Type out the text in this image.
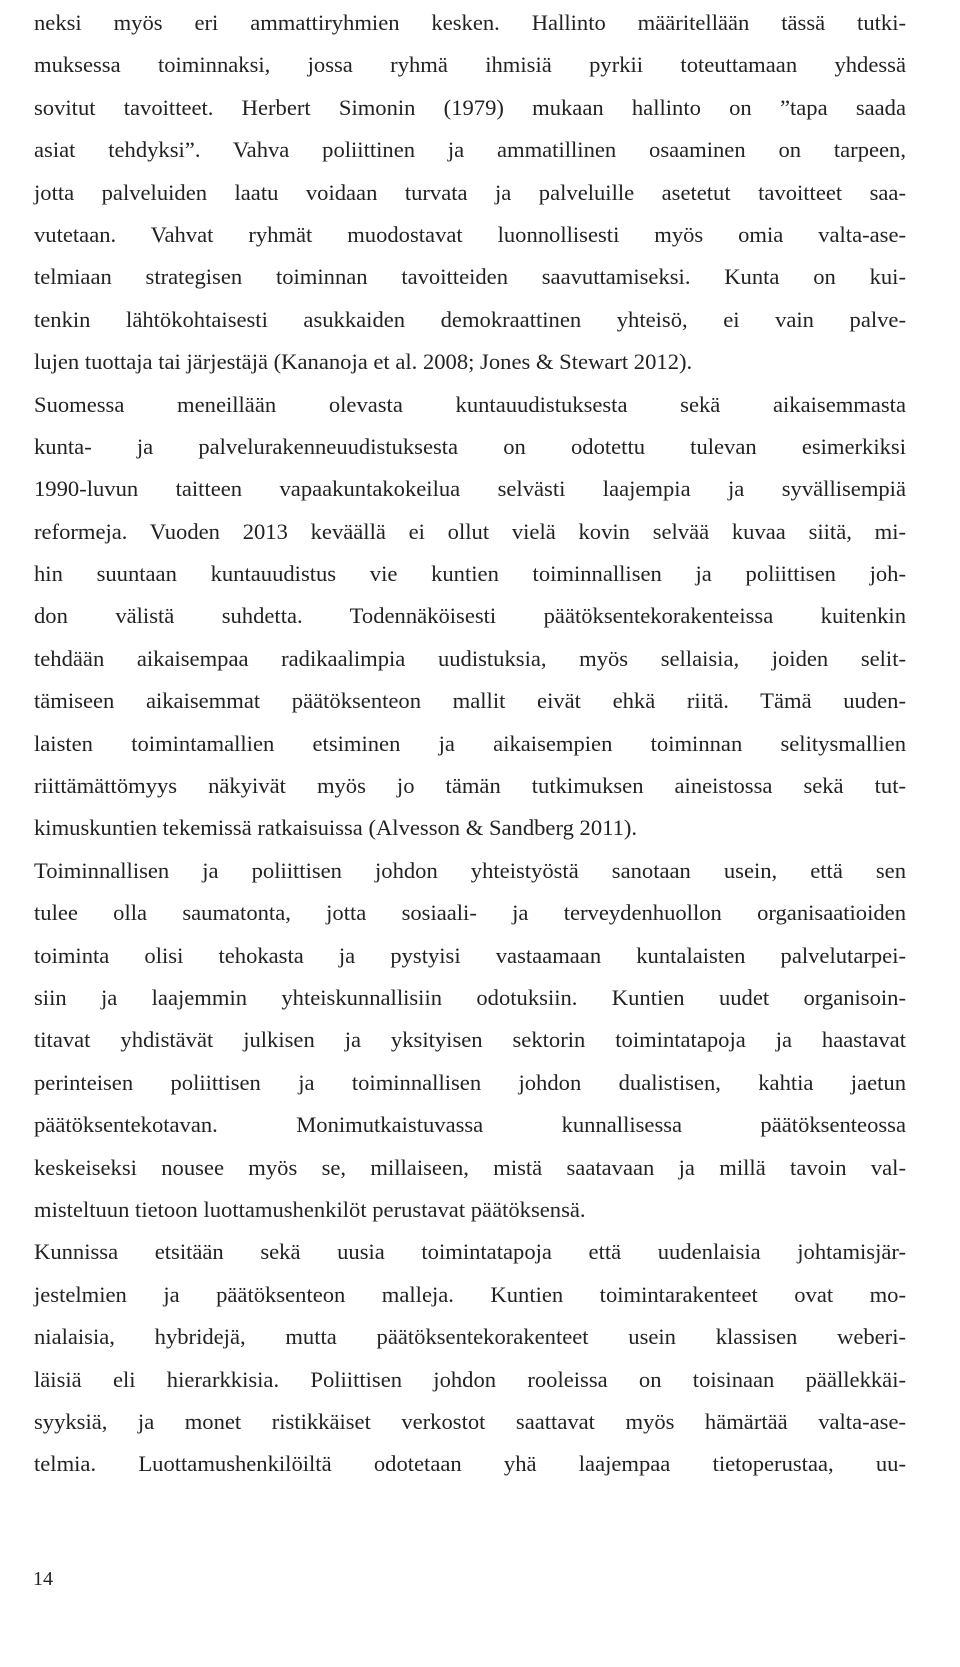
neksi myös eri ammattiryhmien kesken. Hallinto määritellään tässä tutki-
muksessa toiminnaksi, jossa ryhmä ihmisiä pyrkii toteuttamaan yhdessä
sovitut tavoitteet. Herbert Simonin (1979) mukaan hallinto on ”tapa saada
asiat tehdyksi”. Vahva poliittinen ja ammatillinen osaaminen on tarpeen,
jotta palveluiden laatu voidaan turvata ja palveluille asetetut tavoitteet saa-
vutetaan. Vahvat ryhmät muodostavat luonnollisesti myös omia valta-ase-
telmiaan strategisen toiminnan tavoitteiden saavuttamiseksi. Kunta on kui-
tenkin lähtökohtaisesti asukkaiden demokraattinen yhteisö, ei vain palve-
lujen tuottaja tai järjestäjä (Kananoja et al. 2008; Jones & Stewart 2012).
Suomessa meneillään olevasta kuntauudistuksesta sekä aikaisemmasta
kunta- ja palvelurakenneuudistuksesta on odotettu tulevan esimerkiksi
1990-luvun taitteen vapaakuntakokeilua selvästi laajempia ja syvällisempiä
reformeja. Vuoden 2013 keväällä ei ollut vielä kovin selvää kuvaa siitä, mi-
hin suuntaan kuntauudistus vie kuntien toiminnallisen ja poliittisen joh-
don välistä suhdetta. Todennäköisesti päätöksentekorakenteissa kuitenkin
tehdään aikaisempaa radikaalimpia uudistuksia, myös sellaisia, joiden selit-
tämiseen aikaisemmat päätöksenteon mallit eivät ehkä riitä. Tämä uuden-
laisten toimintamallien etsiminen ja aikaisempien toiminnan selitysmallien
riittämättömyys näkyivät myös jo tämän tutkimuksen aineistossa sekä tut-
kimuskuntien tekemissä ratkaisuissa (Alvesson & Sandberg 2011).
Toiminnallisen ja poliittisen johdon yhteistyöstä sanotaan usein, että sen
tulee olla saumatonta, jotta sosiaali- ja terveydenhuollon organisaatioiden
toiminta olisi tehokasta ja pystyisi vastaamaan kuntalaisten palvelutarpei-
siin ja laajemmin yhteiskunnallisiin odotuksiin. Kuntien uudet organisoin-
titavat yhdistävät julkisen ja yksityisen sektorin toimintatapoja ja haastavat
perinteisen poliittisen ja toiminnallisen johdon dualistisen, kahtia jaetun
päätöksentekotavan. Monimutkaistuvassa kunnallisessa päätöksenteossa
keskeiseksi nousee myös se, millaiseen, mistä saatavaan ja millä tavoin val-
misteltuun tietoon luottamushenkilöt perustavat päätöksensä.
Kunnissa etsitään sekä uusia toimintatapoja että uudenlaisia johtamisjär-
jestelmien ja päätöksenteon malleja. Kuntien toimintarakenteet ovat mo-
nialaisia, hybridejä, mutta päätöksentekorakenteet usein klassisen weberi-
läisiä eli hierarkkisia. Poliittisen johdon rooleissa on toisinaan päällekkäi-
syyksiä, ja monet ristikkäiset verkostot saattavat myös hämärtää valta-ase-
telmia. Luottamushenkilöiltä odotetaan yhä laajempaa tietoperustaa, uu-
14
